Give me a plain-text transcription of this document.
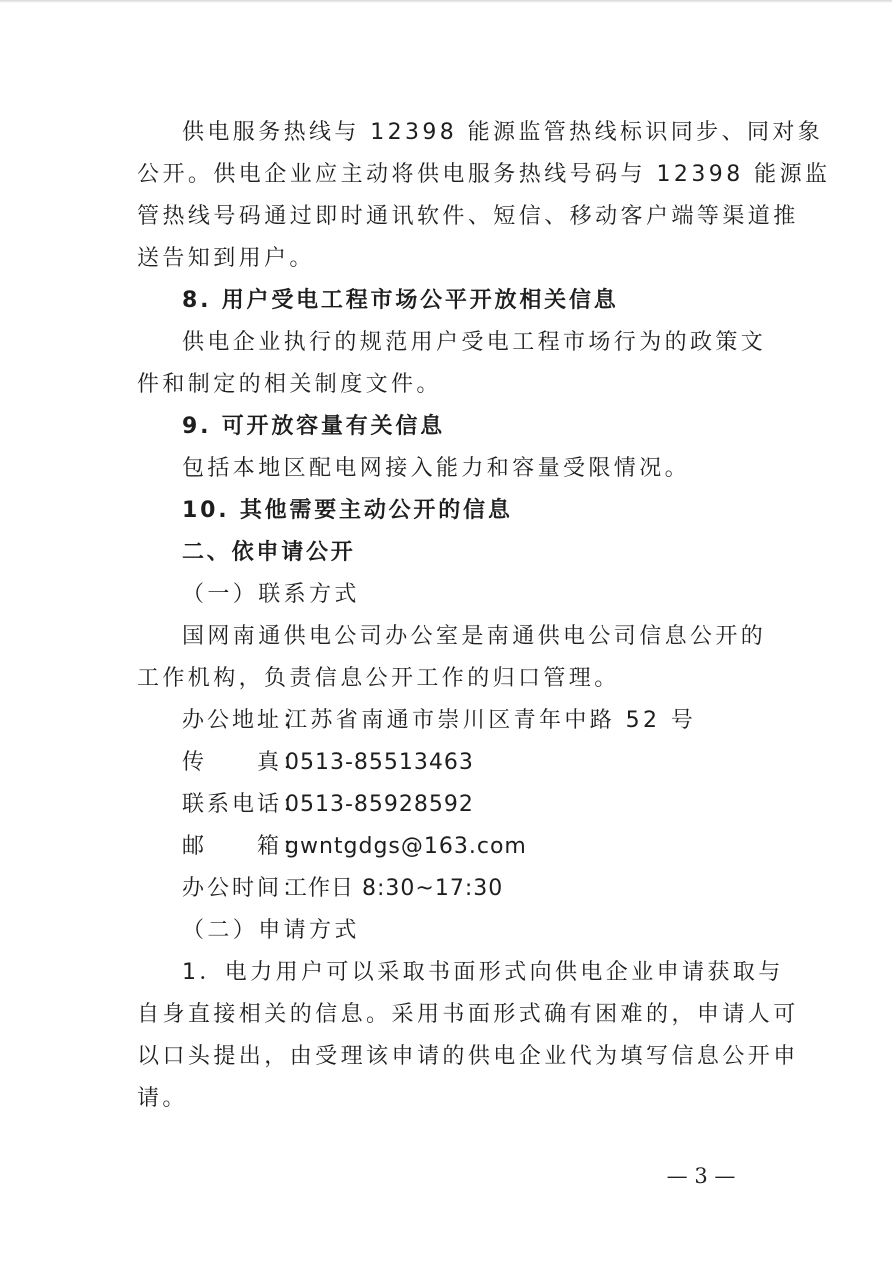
供电服务热线与 12398 能源监管热线标识同步、同对象
公开。供电企业应主动将供电服务热线号码与 12398 能源监
管热线号码通过即时通讯软件、短信、移动客户端等渠道推
送告知到用户。
8. 用户受电工程市场公平开放相关信息
供电企业执行的规范用户受电工程市场行为的政策文
件和制定的相关制度文件。
9. 可开放容量有关信息
包括本地区配电网接入能力和容量受限情况。
10. 其他需要主动公开的信息
二、依申请公开
（一）联系方式
国网南通供电公司办公室是南通供电公司信息公开的
工作机构，负责信息公开工作的归口管理。
办公地址：江苏省南通市崇川区青年中路 52 号
传　　真：0513-85513463
联系电话：0513-85928592
邮　　箱：gwntgdgs@163.com
办公时间：工作日 8:30~17:30
（二）申请方式
1．电力用户可以采取书面形式向供电企业申请获取与
自身直接相关的信息。采用书面形式确有困难的，申请人可
以口头提出，由受理该申请的供电企业代为填写信息公开申
请。
— 3 —
